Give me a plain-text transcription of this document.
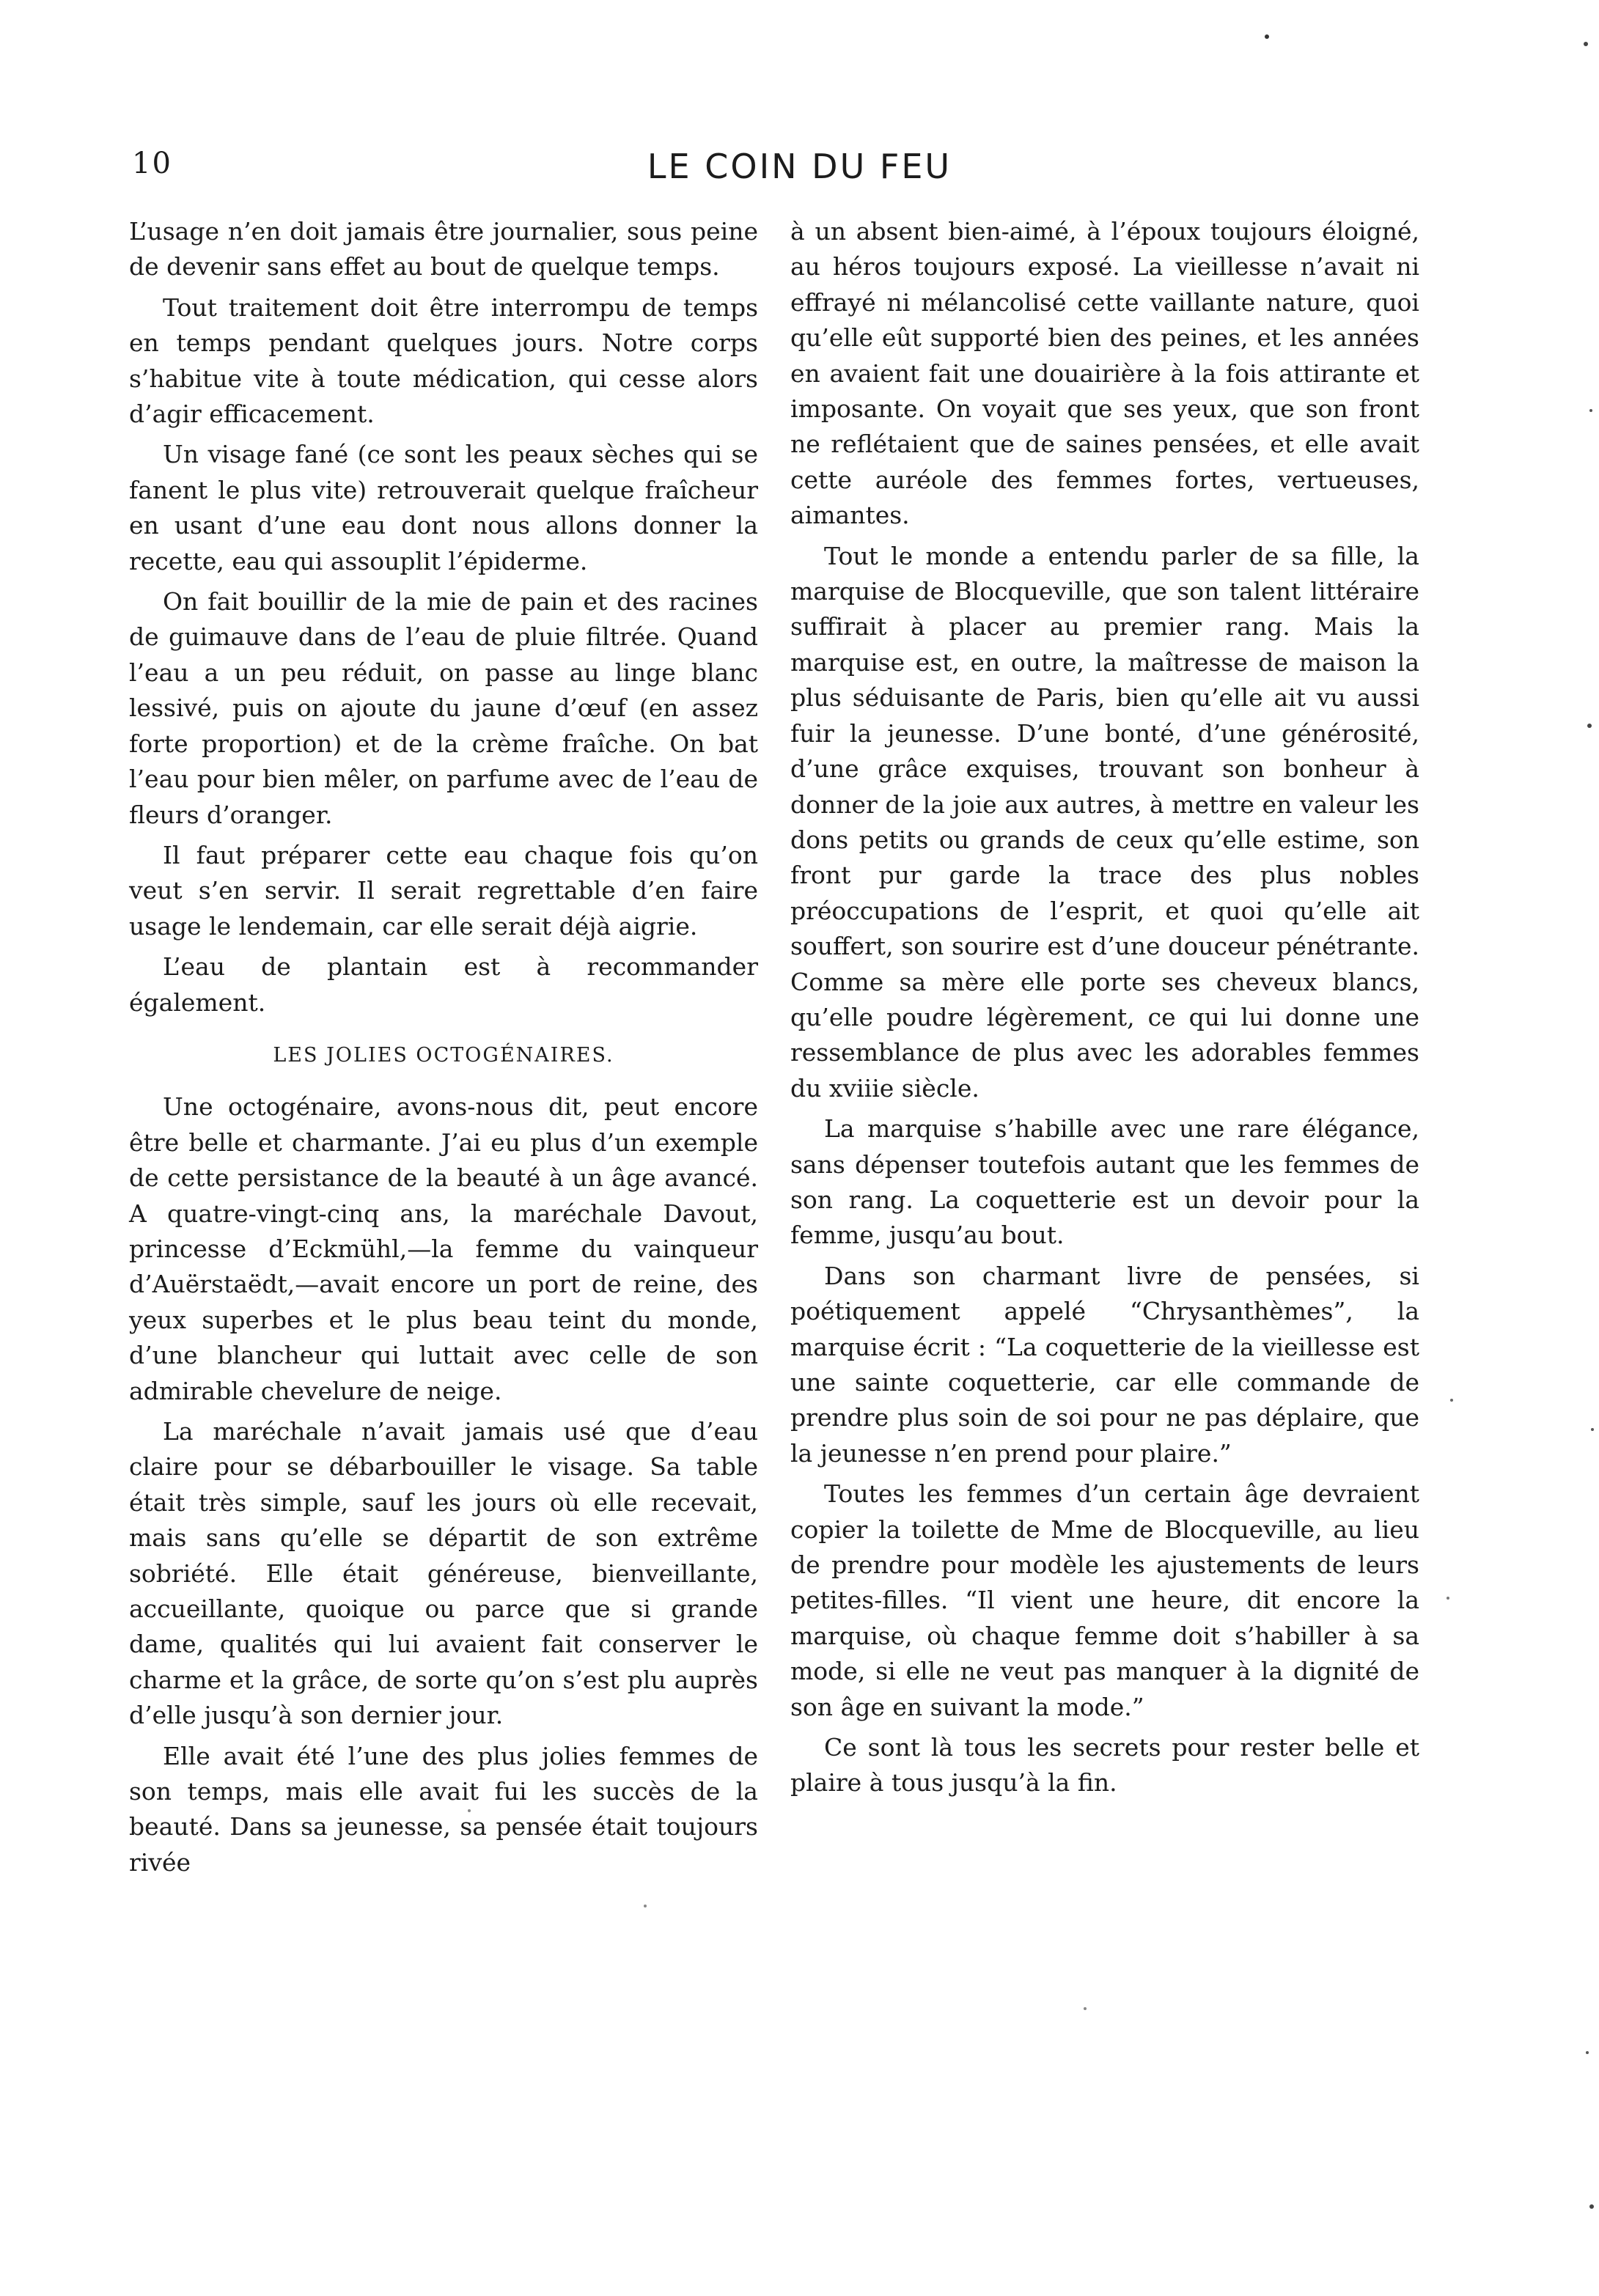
10	LE COIN DU FEU

L’usage n’en doit jamais être journalier, sous peine de devenir sans effet au bout de quelque temps.

Tout traitement doit être interrompu de temps en temps pendant quelques jours. Notre corps s’habitue vite à toute médication, qui cesse alors d’agir efficacement.

Un visage fané (ce sont les peaux sèches qui se fanent le plus vite) retrouverait quelque fraîcheur en usant d’une eau dont nous allons donner la recette, eau qui assouplit l’épiderme.

On fait bouillir de la mie de pain et des racines de guimauve dans de l’eau de pluie filtrée. Quand l’eau a un peu réduit, on passe au linge blanc lessivé, puis on ajoute du jaune d’œuf (en assez forte proportion) et de la crème fraîche. On bat l’eau pour bien mêler, on parfume avec de l’eau de fleurs d’oranger.

Il faut préparer cette eau chaque fois qu’on veut s’en servir. Il serait regrettable d’en faire usage le lendemain, car elle serait déjà aigrie.

L’eau de plantain est à recommander également.

LES JOLIES OCTOGÉNAIRES.

Une octogénaire, avons-nous dit, peut encore être belle et charmante. J’ai eu plus d’un exemple de cette persistance de la beauté à un âge avancé. A quatre-vingt-cinq ans, la maréchale Davout, princesse d’Eckmühl,—la femme du vainqueur d’Auërstaëdt,—avait encore un port de reine, des yeux superbes et le plus beau teint du monde, d’une blancheur qui luttait avec celle de son admirable chevelure de neige.

La maréchale n’avait jamais usé que d’eau claire pour se débarbouiller le visage. Sa table était très simple, sauf les jours où elle recevait, mais sans qu’elle se départit de son extrême sobriété. Elle était généreuse, bienveillante, accueillante, quoique ou parce que si grande dame, qualités qui lui avaient fait conserver le charme et la grâce, de sorte qu’on s’est plu auprès d’elle jusqu’à son dernier jour.

Elle avait été l’une des plus jolies femmes de son temps, mais elle avait fui les succès de la beauté. Dans sa jeunesse, sa pensée était toujours rivée

à un absent bien-aimé, à l’époux toujours éloigné, au héros toujours exposé. La vieillesse n’avait ni effrayé ni mélancolisé cette vaillante nature, quoi qu’elle eût supporté bien des peines, et les années en avaient fait une douairière à la fois attirante et imposante. On voyait que ses yeux, que son front ne reflétaient que de saines pensées, et elle avait cette auréole des femmes fortes, vertueuses, aimantes.

Tout le monde a entendu parler de sa fille, la marquise de Blocqueville, que son talent littéraire suffirait à placer au premier rang. Mais la marquise est, en outre, la maîtresse de maison la plus séduisante de Paris, bien qu’elle ait vu aussi fuir la jeunesse. D’une bonté, d’une générosité, d’une grâce exquises, trouvant son bonheur à donner de la joie aux autres, à mettre en valeur les dons petits ou grands de ceux qu’elle estime, son front pur garde la trace des plus nobles préoccupations de l’esprit, et quoi qu’elle ait souffert, son sourire est d’une douceur pénétrante. Comme sa mère elle porte ses cheveux blancs, qu’elle poudre légèrement, ce qui lui donne une ressemblance de plus avec les adorables femmes du xviiie siècle.

La marquise s’habille avec une rare élégance, sans dépenser toutefois autant que les femmes de son rang. La coquetterie est un devoir pour la femme, jusqu’au bout.

Dans son charmant livre de pensées, si poétiquement appelé “Chrysanthèmes”, la marquise écrit : “La coquetterie de la vieillesse est une sainte coquetterie, car elle commande de prendre plus soin de soi pour ne pas déplaire, que la jeunesse n’en prend pour plaire.”

Toutes les femmes d’un certain âge devraient copier la toilette de Mme de Blocqueville, au lieu de prendre pour modèle les ajustements de leurs petites-filles. “Il vient une heure, dit encore la marquise, où chaque femme doit s’habiller à sa mode, si elle ne veut pas manquer à la dignité de son âge en suivant la mode.”

Ce sont là tous les secrets pour rester belle et plaire à tous jusqu’à la fin.
